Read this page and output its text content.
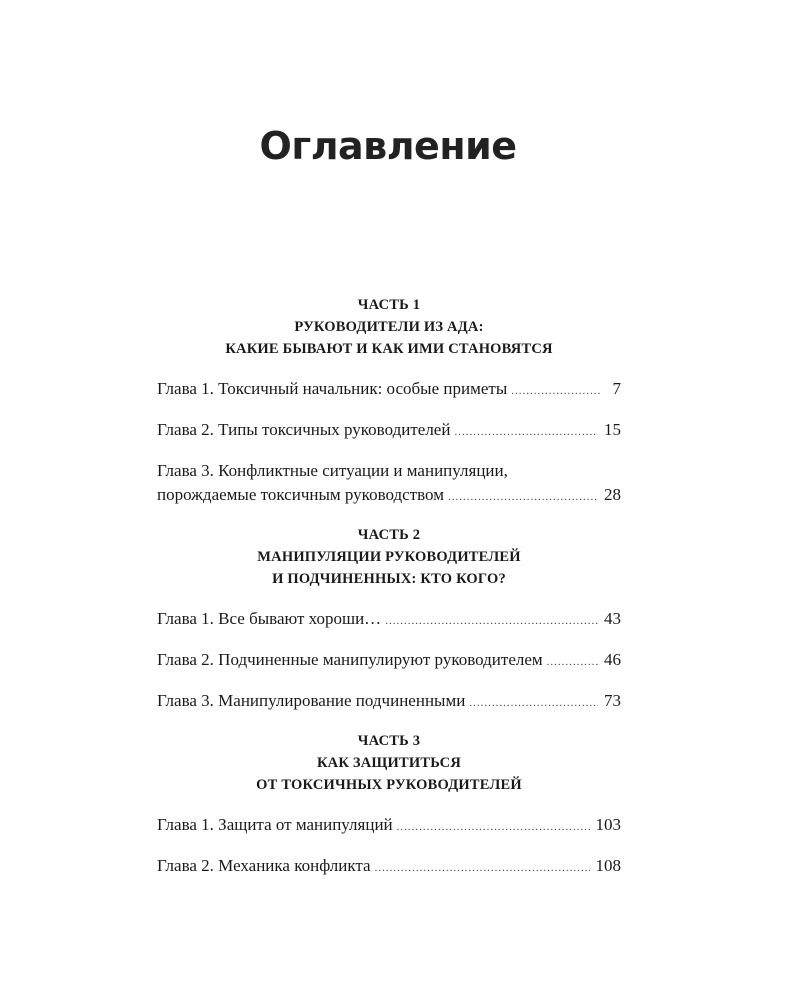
Оглавление
ЧАСТЬ 1
РУКОВОДИТЕЛИ ИЗ АДА:
КАКИЕ БЫВАЮТ И КАК ИМИ СТАНОВЯТСЯ
Глава 1. Токсичный начальник: особые приметы .....	7
Глава 2. Типы токсичных руководителей .....	15
Глава 3. Конфликтные ситуации и манипуляции,
порождаемые токсичным руководством .....	28
ЧАСТЬ 2
МАНИПУЛЯЦИИ РУКОВОДИТЕЛЕЙ
И ПОДЧИНЕННЫХ: КТО КОГО?
Глава 1. Все бывают хороши… .....	43
Глава 2. Подчиненные манипулируют руководителем .....	46
Глава 3. Манипулирование подчиненными .....	73
ЧАСТЬ 3
КАК ЗАЩИТИТЬСЯ
ОТ ТОКСИЧНЫХ РУКОВОДИТЕЛЕЙ
Глава 1. Защита от манипуляций .....	103
Глава 2. Механика конфликта .....	108
